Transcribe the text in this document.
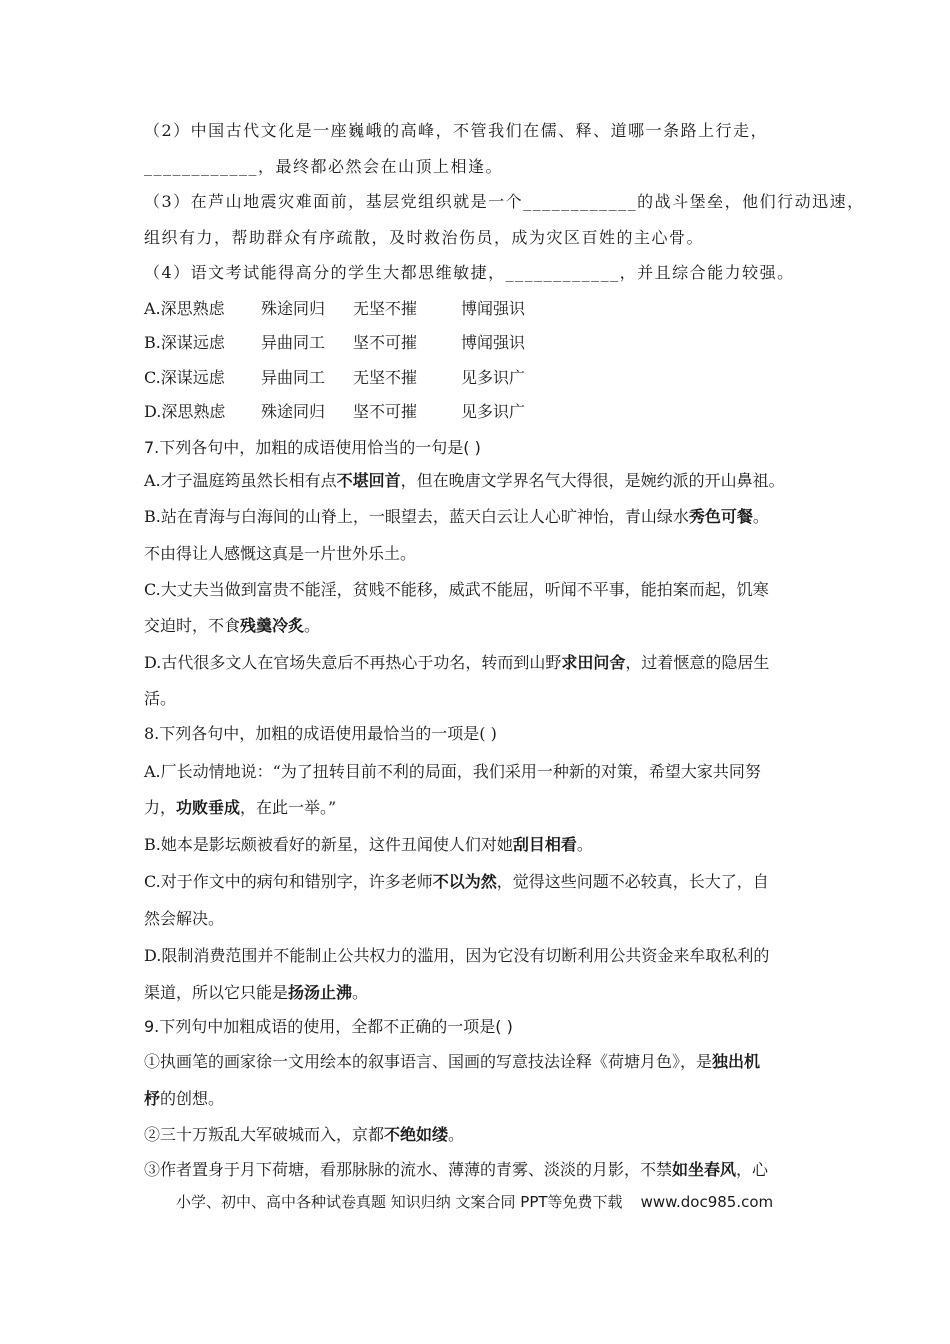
（2）中国古代文化是一座巍峨的高峰，不管我们在儒、释、道哪一条路上行走，
____________，最终都必然会在山顶上相逢。
（3）在芦山地震灾难面前，基层党组织就是一个____________的战斗堡垒，他们行动迅速，
组织有力，帮助群众有序疏散，及时救治伤员，成为灾区百姓的主心骨。
（4）语文考试能得高分的学生大都思维敏捷，____________，并且综合能力较强。
A.深思熟虑 殊途同归 无坚不摧	博闻强识
B.深谋远虑 异曲同工 坚不可摧	博闻强识
C.深谋远虑 异曲同工 无坚不摧	见多识广
D.深思熟虑 殊途同归 坚不可摧	见多识广
7.下列各句中，加粗的成语使用恰当的一句是( )
A.才子温庭筠虽然长相有点不堪回首，但在晚唐文学界名气大得很，是婉约派的开山鼻祖。
B.站在青海与白海间的山脊上，一眼望去，蓝天白云让人心旷神怡，青山绿水秀色可餐。
不由得让人感慨这真是一片世外乐土。
C.大丈夫当做到富贵不能淫，贫贱不能移，威武不能屈，听闻不平事，能拍案而起，饥寒
交迫时，不食残羹冷炙。
D.古代很多文人在官场失意后不再热心于功名，转而到山野求田问舍，过着惬意的隐居生
活。
8.下列各句中，加粗的成语使用最恰当的一项是( )
A.厂长动情地说：“为了扭转目前不利的局面，我们采用一种新的对策，希望大家共同努
力，功败垂成，在此一举。”
B.她本是影坛颇被看好的新星，这件丑闻使人们对她刮目相看。
C.对于作文中的病句和错别字，许多老师不以为然，觉得这些问题不必较真，长大了，自
然会解决。
D.限制消费范围并不能制止公共权力的滥用，因为它没有切断利用公共资金来牟取私利的
渠道，所以它只能是扬汤止沸。
9.下列句中加粗成语的使用，全都不正确的一项是( )
①执画笔的画家徐一文用绘本的叙事语言、国画的写意技法诠释《荷塘月色》，是独出机
杼的创想。
②三十万叛乱大军破城而入，京都不绝如缕。
③作者置身于月下荷塘，看那脉脉的流水、薄薄的青雾、淡淡的月影，不禁如坐春风，心
小学、初中、高中各种试卷真题 知识归纳 文案合同 PPT等免费下载 www.doc985.com
